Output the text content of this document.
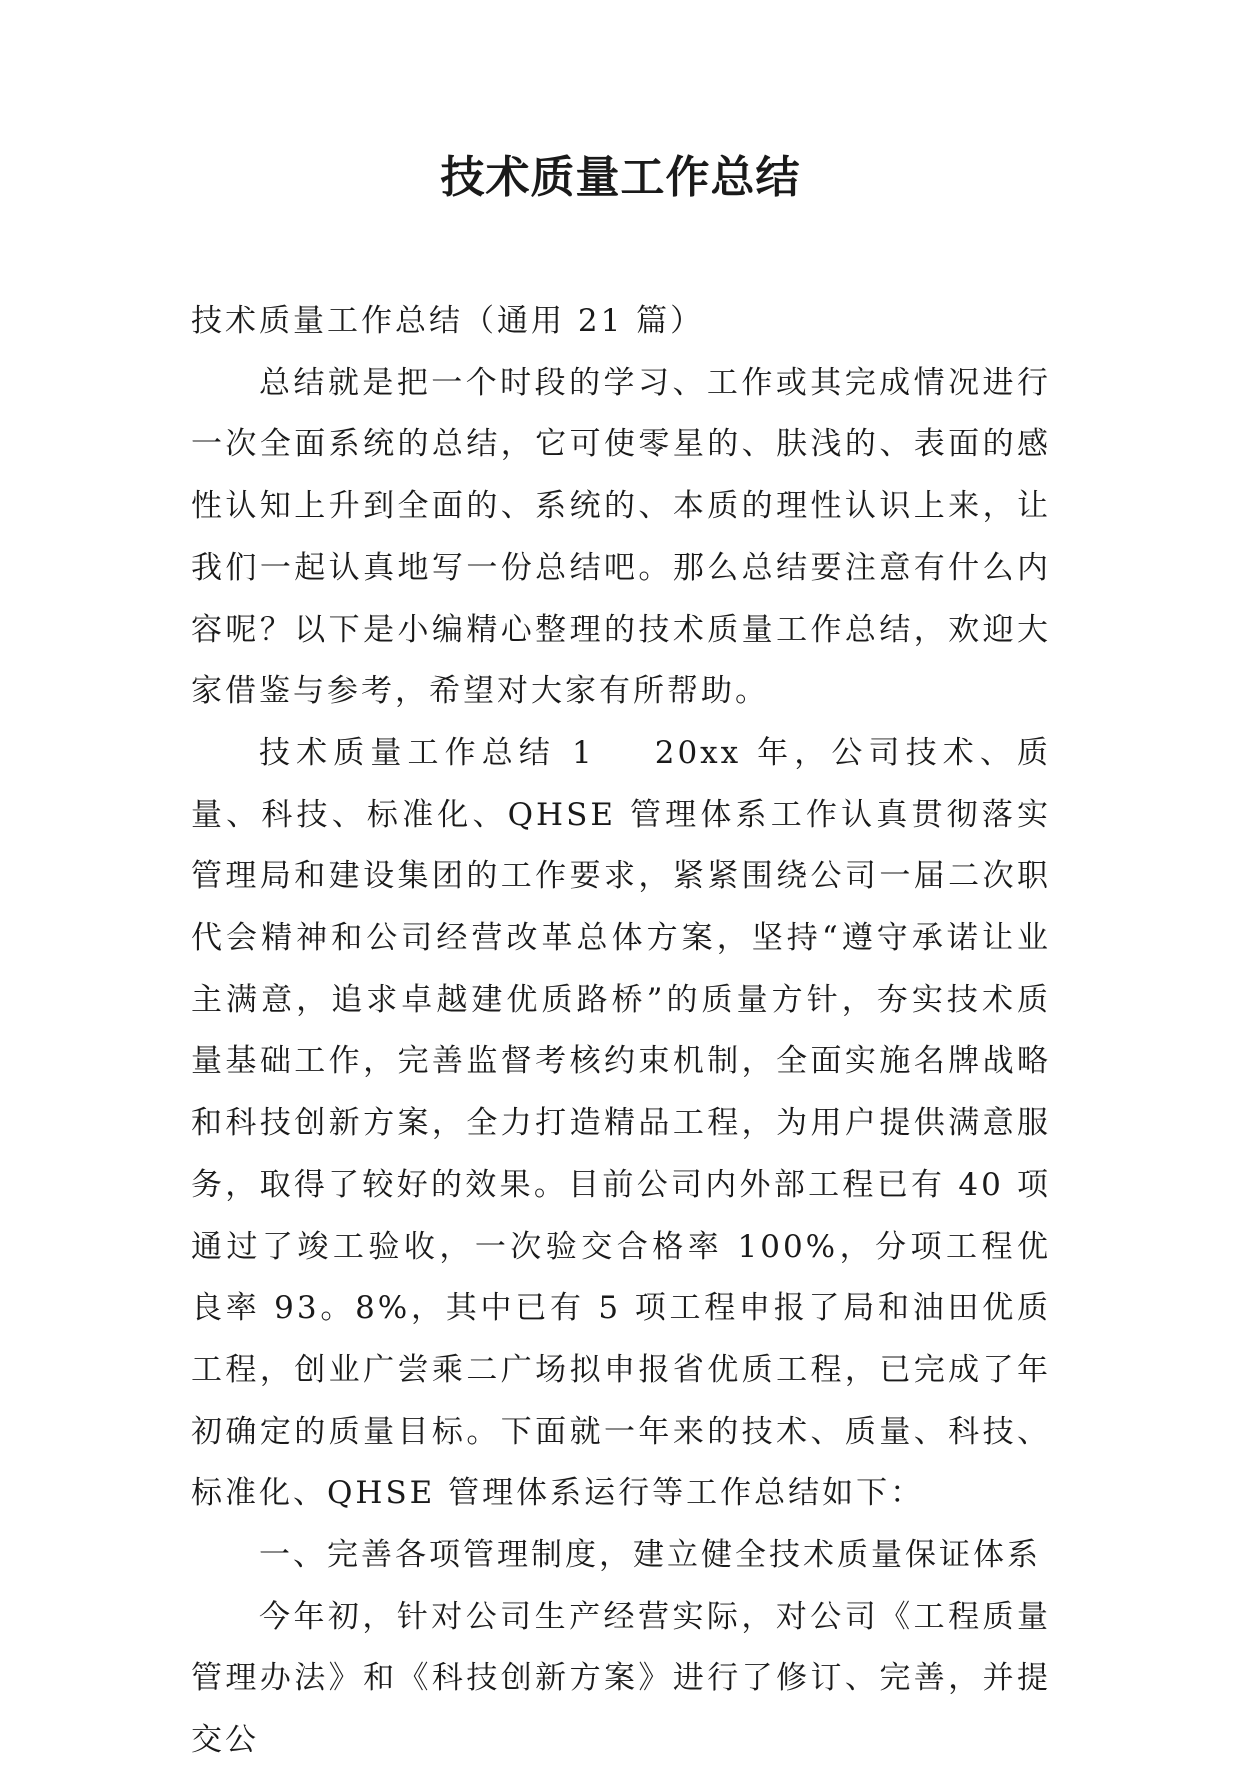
技术质量工作总结

技术质量工作总结（通用 21 篇）

总结就是把一个时段的学习、工作或其完成情况进行一次全面系统的总结，它可使零星的、肤浅的、表面的感性认知上升到全面的、系统的、本质的理性认识上来，让我们一起认真地写一份总结吧。那么总结要注意有什么内容呢？以下是小编精心整理的技术质量工作总结，欢迎大家借鉴与参考，希望对大家有所帮助。

技术质量工作总结 1 20xx 年，公司技术、质量、科技、标准化、QHSE 管理体系工作认真贯彻落实管理局和建设集团的工作要求，紧紧围绕公司一届二次职代会精神和公司经营改革总体方案，坚持“遵守承诺让业主满意，追求卓越建优质路桥”的质量方针，夯实技术质量基础工作，完善监督考核约束机制，全面实施名牌战略和科技创新方案，全力打造精品工程，为用户提供满意服务，取得了较好的效果。目前公司内外部工程已有 40 项通过了竣工验收，一次验交合格率 100%，分项工程优良率 93。8%，其中已有 5 项工程申报了局和油田优质工程，创业广尝乘二广场拟申报省优质工程，已完成了年初确定的质量目标。下面就一年来的技术、质量、科技、标准化、QHSE 管理体系运行等工作总结如下：

一、完善各项管理制度，建立健全技术质量保证体系

今年初，针对公司生产经营实际，对公司《工程质量管理办法》和《科技创新方案》进行了修订、完善，并提交公
